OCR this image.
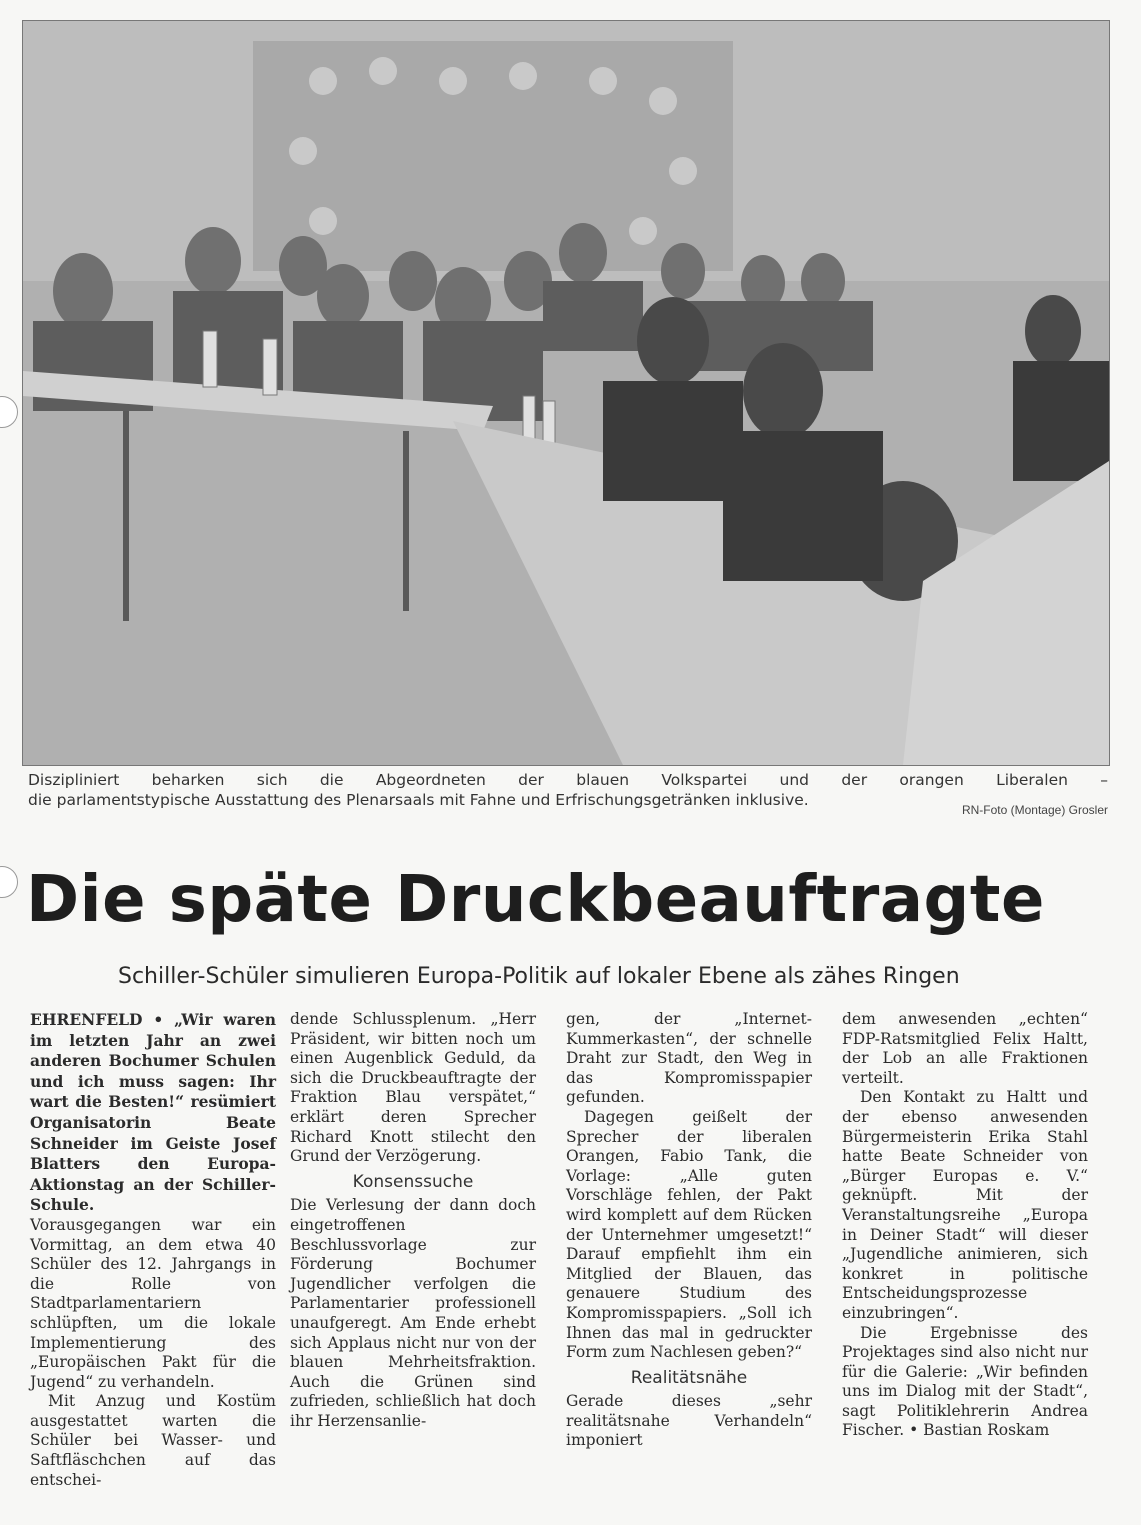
Diszipliniert beharken sich die Abgeordneten der blauen Volkspartei und der orangen Liberalen –
die parlamentstypische Ausstattung des Plenarsaals mit Fahne und Erfrischungsgetränken inklusive.
RN-Foto (Montage) Grosler
Die späte Druckbeauftragte
Schiller-Schüler simulieren Europa-Politik auf lokaler Ebene als zähes Ringen

EHRENFELD • „Wir waren im letzten Jahr an zwei anderen Bochumer Schulen und ich muss sagen: Ihr wart die Besten!“ resümiert Organisatorin Beate Schneider im Geiste Josef Blatters den Europa-Aktionstag an der Schiller-Schule.

Vorausgegangen war ein Vormittag, an dem etwa 40 Schüler des 12. Jahrgangs in die Rolle von Stadtparlamentariern schlüpften, um die lokale Implementierung des „Europäischen Pakt für die Jugend“ zu verhandeln.

Mit Anzug und Kostüm ausgestattet warten die Schüler bei Wasser- und Saftfläschchen auf das entschei-

dende Schlussplenum. „Herr Präsident, wir bitten noch um einen Augenblick Geduld, da sich die Druckbeauftragte der Fraktion Blau verspätet,“ erklärt deren Sprecher Richard Knott stilecht den Grund der Verzögerung.

Konsenssuche

Die Verlesung der dann doch eingetroffenen Beschlussvorlage zur Förderung Bochumer Jugendlicher verfolgen die Parlamentarier professionell unaufgeregt. Am Ende erhebt sich Applaus nicht nur von der blauen Mehrheitsfraktion. Auch die Grünen sind zufrieden, schließlich hat doch ihr Herzensanlie-

gen, der „Internet-Kummerkasten“, der schnelle Draht zur Stadt, den Weg in das Kompromisspapier gefunden.

Dagegen geißelt der Sprecher der liberalen Orangen, Fabio Tank, die Vorlage: „Alle guten Vorschläge fehlen, der Pakt wird komplett auf dem Rücken der Unternehmer umgesetzt!“ Darauf empfiehlt ihm ein Mitglied der Blauen, das genauere Studium des Kompromisspapiers. „Soll ich Ihnen das mal in gedruckter Form zum Nachlesen geben?“

Realitätsnähe

Gerade dieses „sehr realitätsnahe Verhandeln“ imponiert

dem anwesenden „echten“ FDP-Ratsmitglied Felix Haltt, der Lob an alle Fraktionen verteilt.

Den Kontakt zu Haltt und der ebenso anwesenden Bürgermeisterin Erika Stahl hatte Beate Schneider von „Bürger Europas e. V.“ geknüpft. Mit der Veranstaltungsreihe „Europa in Deiner Stadt“ will dieser „Jugendliche animieren, sich konkret in politische Entscheidungsprozesse einzubringen“.

Die Ergebnisse des Projektages sind also nicht nur für die Galerie: „Wir befinden uns im Dialog mit der Stadt“, sagt Politiklehrerin Andrea Fischer. • Bastian Roskam
